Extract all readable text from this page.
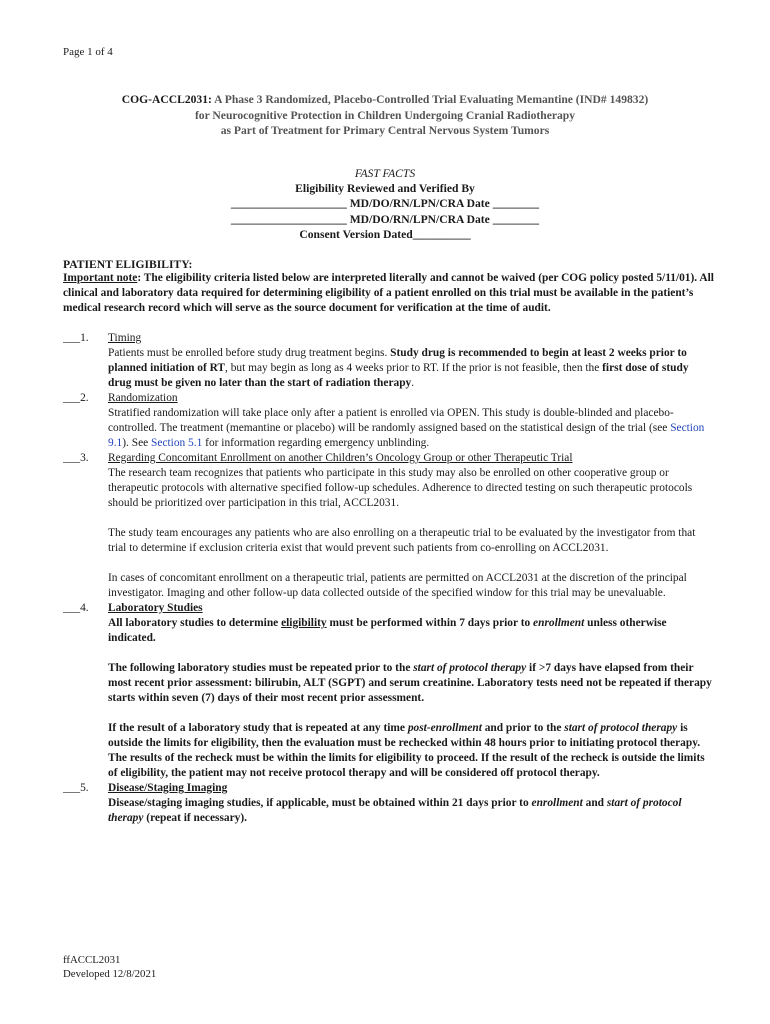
Page 1 of 4
COG-ACCL2031: A Phase 3 Randomized, Placebo-Controlled Trial Evaluating Memantine (IND# 149832)
for Neurocognitive Protection in Children Undergoing Cranial Radiotherapy
as Part of Treatment for Primary Central Nervous System Tumors
FAST FACTS
Eligibility Reviewed and Verified By
____________________ MD/DO/RN/LPN/CRA Date ________
____________________ MD/DO/RN/LPN/CRA Date ________
Consent Version Dated__________
PATIENT ELIGIBILITY:
Important note: The eligibility criteria listed below are interpreted literally and cannot be waived (per COG policy posted 5/11/01). All clinical and laboratory data required for determining eligibility of a patient enrolled on this trial must be available in the patient’s medical research record which will serve as the source document for verification at the time of audit.
___1. Timing

Patients must be enrolled before study drug treatment begins. Study drug is recommended to begin at least 2 weeks prior to planned initiation of RT, but may begin as long as 4 weeks prior to RT. If the prior is not feasible, then the first dose of study drug must be given no later than the start of radiation therapy.

___2. Randomization

Stratified randomization will take place only after a patient is enrolled via OPEN. This study is double-blinded and placebo-controlled. The treatment (memantine or placebo) will be randomly assigned based on the statistical design of the trial (see Section 9.1). See Section 5.1 for information regarding emergency unblinding.

___3. Regarding Concomitant Enrollment on another Children’s Oncology Group or other Therapeutic Trial

The research team recognizes that patients who participate in this study may also be enrolled on other cooperative group or therapeutic protocols with alternative specified follow-up schedules. Adherence to directed testing on such therapeutic protocols should be prioritized over participation in this trial, ACCL2031.

The study team encourages any patients who are also enrolling on a therapeutic trial to be evaluated by the investigator from that trial to determine if exclusion criteria exist that would prevent such patients from co-enrolling on ACCL2031.

In cases of concomitant enrollment on a therapeutic trial, patients are permitted on ACCL2031 at the discretion of the principal investigator. Imaging and other follow-up data collected outside of the specified window for this trial may be unevaluable.

___4. Laboratory Studies

All laboratory studies to determine eligibility must be performed within 7 days prior to enrollment unless otherwise indicated.

The following laboratory studies must be repeated prior to the start of protocol therapy if >7 days have elapsed from their most recent prior assessment: bilirubin, ALT (SGPT) and serum creatinine. Laboratory tests need not be repeated if therapy starts within seven (7) days of their most recent prior assessment.

If the result of a laboratory study that is repeated at any time post-enrollment and prior to the start of protocol therapy is outside the limits for eligibility, then the evaluation must be rechecked within 48 hours prior to initiating protocol therapy. The results of the recheck must be within the limits for eligibility to proceed. If the result of the recheck is outside the limits of eligibility, the patient may not receive protocol therapy and will be considered off protocol therapy.

___5. Disease/Staging Imaging

Disease/staging imaging studies, if applicable, must be obtained within 21 days prior to enrollment and start of protocol therapy (repeat if necessary).

ffACCL2031
Developed 12/8/2021
